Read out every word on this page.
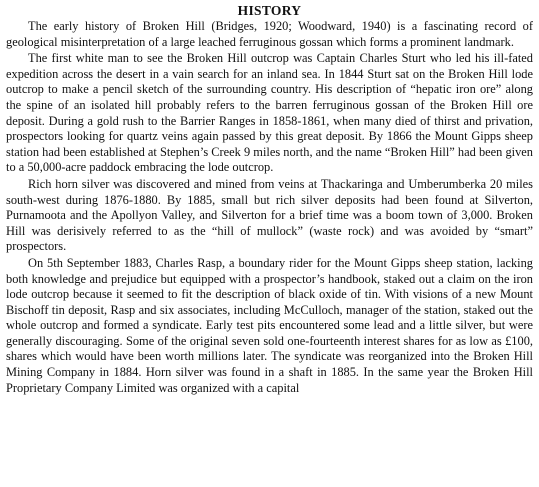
HISTORY

The early history of Broken Hill (Bridges, 1920; Woodward, 1940) is a fascinating record of geological misinterpretation of a large leached ferruginous gossan which forms a prominent landmark.

The first white man to see the Broken Hill outcrop was Captain Charles Sturt who led his ill-fated expedition across the desert in a vain search for an inland sea. In 1844 Sturt sat on the Broken Hill lode outcrop to make a pencil sketch of the surrounding country. His description of “hepatic iron ore” along the spine of an isolated hill probably refers to the barren ferruginous gossan of the Broken Hill ore deposit. During a gold rush to the Barrier Ranges in 1858-1861, when many died of thirst and privation, prospectors looking for quartz veins again passed by this great deposit. By 1866 the Mount Gipps sheep station had been established at Stephen’s Creek 9 miles north, and the name “Broken Hill” had been given to a 50,000-acre paddock embracing the lode outcrop.

Rich horn silver was discovered and mined from veins at Thackaringa and Umberumberka 20 miles south-west during 1876-1880. By 1885, small but rich silver deposits had been found at Silverton, Purnamoota and the Apollyon Valley, and Silverton for a brief time was a boom town of 3,000. Broken Hill was derisively referred to as the “hill of mullock” (waste rock) and was avoided by “smart” prospectors.

On 5th September 1883, Charles Rasp, a boundary rider for the Mount Gipps sheep station, lacking both knowledge and prejudice but equipped with a prospector’s handbook, staked out a claim on the iron lode outcrop because it seemed to fit the description of black oxide of tin. With visions of a new Mount Bischoff tin deposit, Rasp and six associates, including McCulloch, manager of the station, staked out the whole outcrop and formed a syndicate. Early test pits encountered some lead and a little silver, but were generally discouraging. Some of the original seven sold one-fourteenth interest shares for as low as £100, shares which would have been worth millions later. The syndicate was reorganized into the Broken Hill Mining Company in 1884. Horn silver was found in a shaft in 1885. In the same year the Broken Hill Proprietary Company Limited was organized with a capital
